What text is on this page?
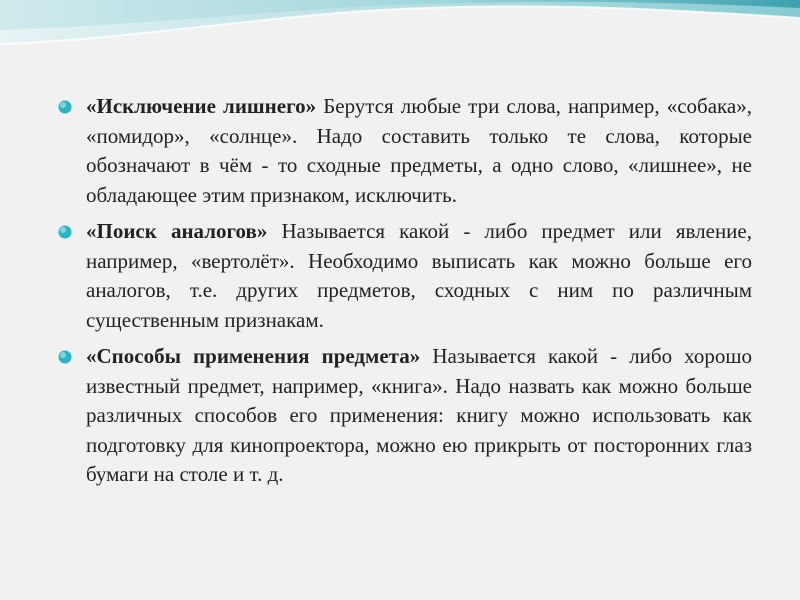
«Исключение лишнего» Берутся любые три слова, например, «собака», «помидор», «солнце». Надо составить только те слова, которые обозначают в чём - то сходные предметы, а одно слово, «лишнее», не обладающее этим признаком, исключить.
«Поиск аналогов» Называется какой - либо предмет или явление, например, «вертолёт». Необходимо выписать как можно больше его аналогов, т.е. других предметов, сходных с ним по различным существенным признакам.
«Способы применения предмета» Называется какой - либо хорошо известный предмет, например, «книга». Надо назвать как можно больше различных способов его применения: книгу можно использовать как подготовку для кинопроектора, можно ею прикрыть от посторонних глаз бумаги на столе и т. д.
